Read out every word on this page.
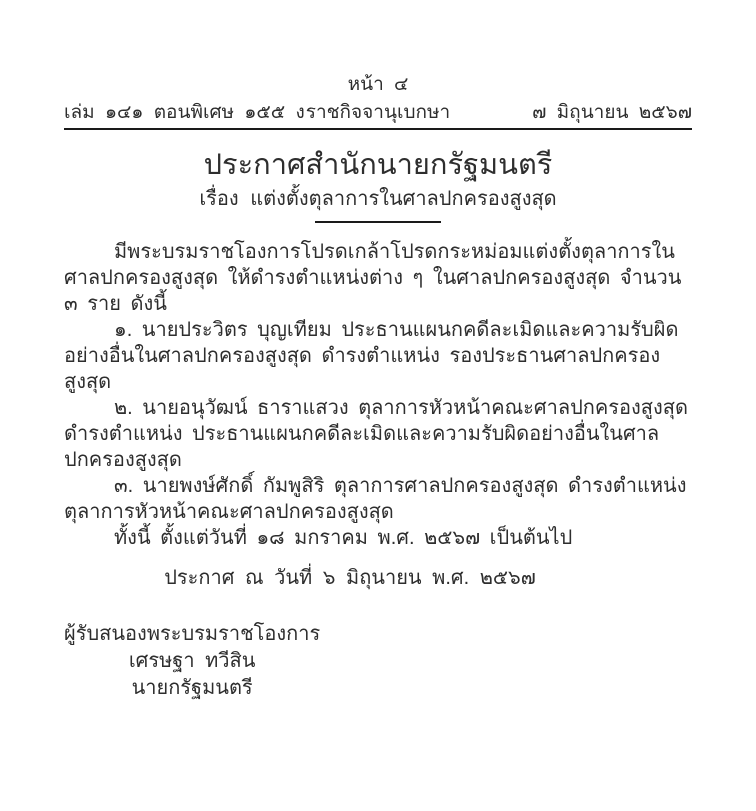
หน้า ๔
เล่ม ๑๔๑ ตอนพิเศษ ๑๕๕ ง ราชกิจจานุเบกษา	๗ มิถุนายน ๒๕๖๗
ประกาศสำนักนายกรัฐมนตรี
เรื่อง แต่งตั้งตุลาการในศาลปกครองสูงสุด

มีพระบรมราชโองการโปรดเกล้าโปรดกระหม่อมแต่งตั้งตุลาการในศาลปกครองสูงสุด ให้ดำรงตำแหน่งต่าง ๆ ในศาลปกครองสูงสุด จำนวน ๓ ราย ดังนี้

๑. นายประวิตร บุญเทียม ประธานแผนกคดีละเมิดและความรับผิดอย่างอื่นในศาลปกครองสูงสุด ดำรงตำแหน่ง รองประธานศาลปกครองสูงสุด

๒. นายอนุวัฒน์ ธาราแสวง ตุลาการหัวหน้าคณะศาลปกครองสูงสุด ดำรงตำแหน่ง ประธานแผนกคดีละเมิดและความรับผิดอย่างอื่นในศาลปกครองสูงสุด

๓. นายพงษ์ศักดิ์ กัมพูสิริ ตุลาการศาลปกครองสูงสุด ดำรงตำแหน่ง ตุลาการหัวหน้าคณะศาลปกครองสูงสุด

ทั้งนี้ ตั้งแต่วันที่ ๑๘ มกราคม พ.ศ. ๒๕๖๗ เป็นต้นไป

ประกาศ ณ วันที่ ๖ มิถุนายน พ.ศ. ๒๕๖๗
ผู้รับสนองพระบรมราชโองการ
เศรษฐา ทวีสิน
นายกรัฐมนตรี
